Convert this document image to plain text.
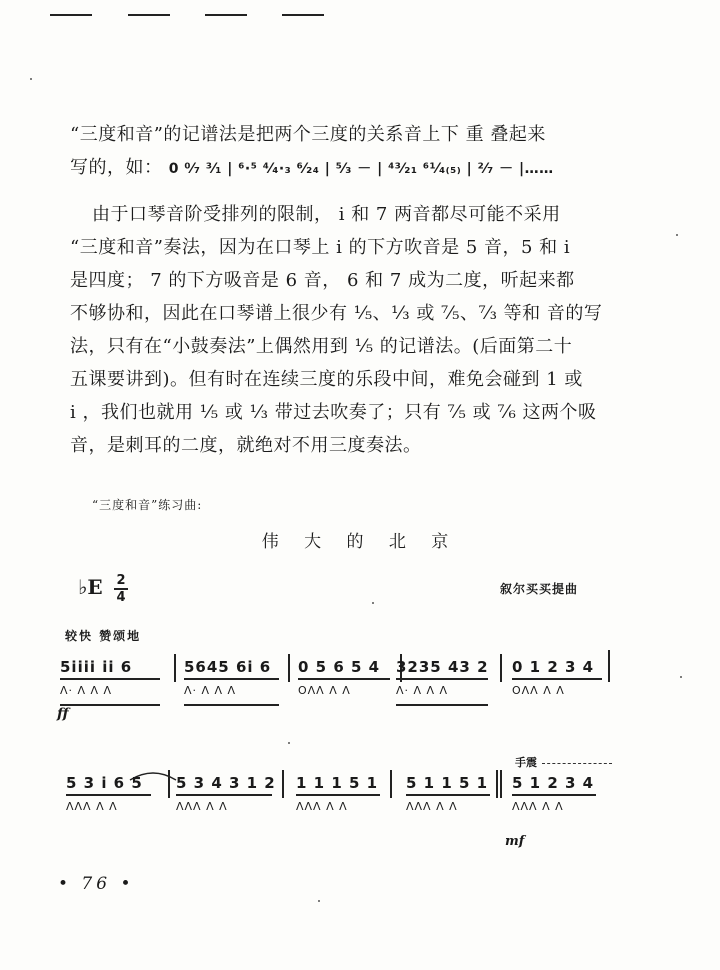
“三度和音”的记谱法是把两个三度的关系音上下 重 叠起来
写的，如： 0 ⁰⁄₇ ³⁄₁ | ⁶·⁵ ⁴⁄₄·₃ ⁶⁄₂₄ | ⁵⁄₃ － | ⁴³⁄₂₁ ⁶¹⁄₄₍₅₎ | ²⁄₇ － |……

由于口琴音阶受排列的限制， i 和 7 两音都尽可能不采用
“三度和音”奏法，因为在口琴上 i 的下方吹音是 5 音，5 和 i
是四度； 7 的下方吸音是 6 音， 6 和 7 成为二度，听起来都
不够协和，因此在口琴谱上很少有 ¹⁄₅、¹⁄₃ 或 ⁷⁄₅、⁷⁄₃ 等和 音的写
法，只有在“小鼓奏法”上偶然用到 ¹⁄₅ 的记谱法。(后面第二十
五课要讲到)。但有时在连续三度的乐段中间，难免会碰到 1 或
i ，我们也就用 ¹⁄₅ 或 ¹⁄₃ 带过去吹奏了；只有 ⁷⁄₅ 或 ⁷⁄₆ 这两个吸
音，是刺耳的二度，就绝对不用三度奏法。

“三度和音”练习曲:
伟 大 的 北 京
♭E 2
4
叙尔买买提曲
较快 赞颂地
5iiii ii 6
Λ· Λ Λ Λ
5645 6i 6
Λ· Λ Λ Λ
0 5 6 5 4
OΛΛ Λ Λ
3235 43 2
Λ· Λ Λ Λ
0 1 2 3 4
OΛΛ Λ Λ
ff
手震
5 3 i 6 5
ΛΛΛ Λ Λ
5 3 4 3 1 2
ΛΛΛ Λ Λ
1 1 1 5 1
ΛΛΛ Λ Λ
5 1 1 5 1
ΛΛΛ Λ Λ
5 1 2 3 4
ΛΛΛ Λ Λ
mf
• 76 •
